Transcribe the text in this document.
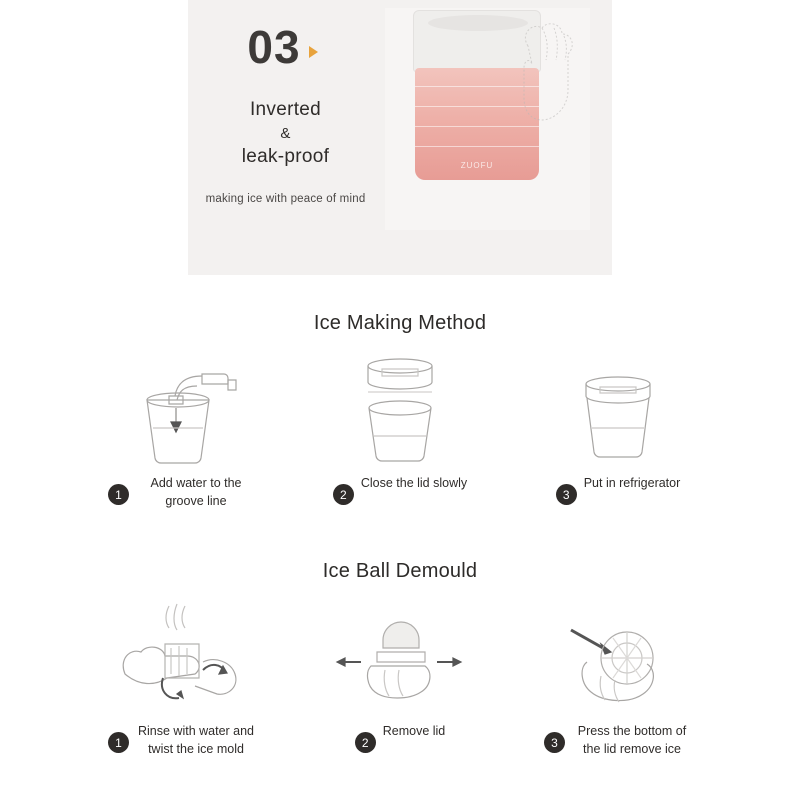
03
Inverted
&
leak-proof
making ice with peace of mind
ZUOFU
Ice Making Method
1
Add water to the groove line	2
Close the lid slowly
3
Put in refrigerator
Ice Ball Demould
1
Rinse with water and twist the ice mold	2
Remove lid
3
Press the bottom of the lid remove ice
